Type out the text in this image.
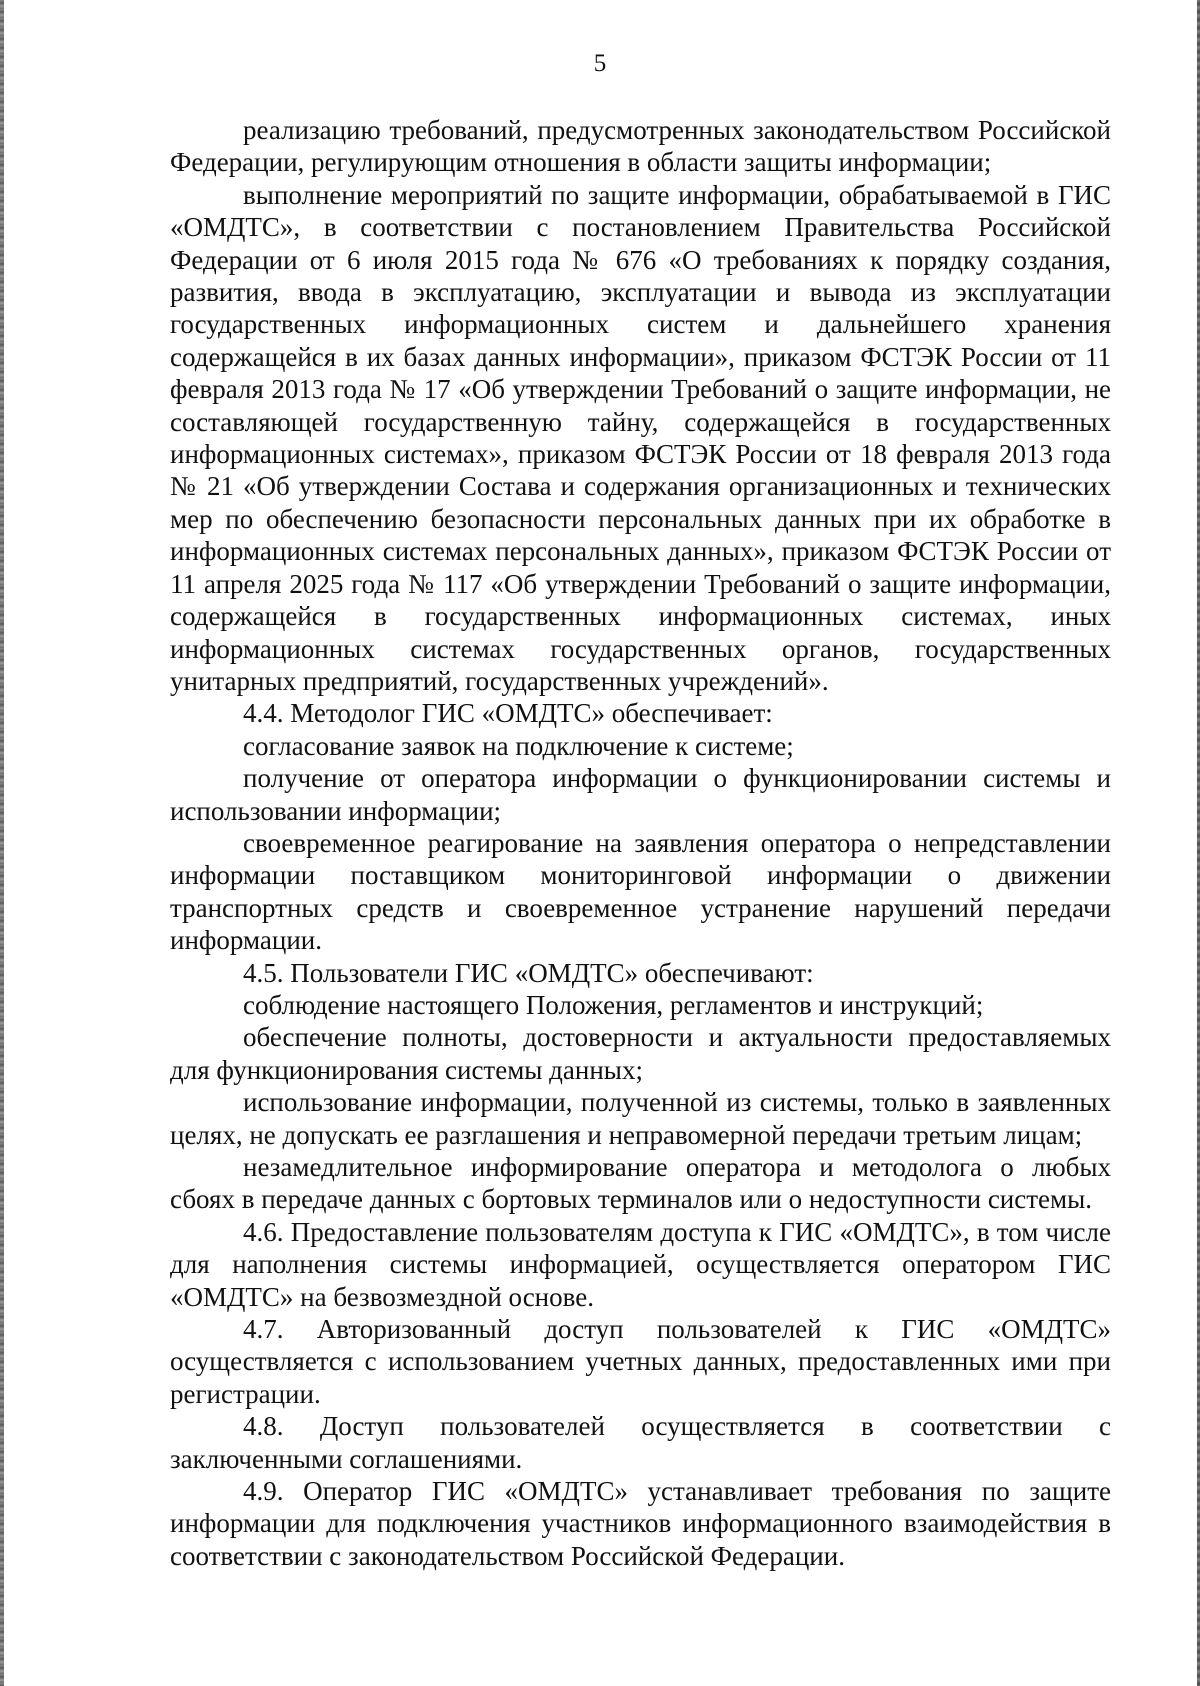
5

реализацию требований, предусмотренных законодательством Российской Федерации, регулирующим отношения в области защиты информации;

выполнение мероприятий по защите информации, обрабатываемой в ГИС «ОМДТС», в соответствии с постановлением Правительства Российской Федерации от 6 июля 2015 года № 676 «О требованиях к порядку создания, развития, ввода в эксплуатацию, эксплуатации и вывода из эксплуатации государственных информационных систем и дальнейшего хранения содержащейся в их базах данных информации», приказом ФСТЭК России от 11 февраля 2013 года № 17 «Об утверждении Требований о защите информации, не составляющей государственную тайну, содержащейся в государственных информационных системах», приказом ФСТЭК России от 18 февраля 2013 года № 21 «Об утверждении Состава и содержания организационных и технических мер по обеспечению безопасности персональных данных при их обработке в информационных системах персональных данных», приказом ФСТЭК России от 11 апреля 2025 года № 117 «Об утверждении Требований о защите информации, содержащейся в государственных информационных системах, иных информационных системах государственных органов, государственных унитарных предприятий, государственных учреждений».

4.4. Методолог ГИС «ОМДТС» обеспечивает:

согласование заявок на подключение к системе;

получение от оператора информации о функционировании системы и использовании информации;

своевременное реагирование на заявления оператора о непредставлении информации поставщиком мониторинговой информации о движении транспортных средств и своевременное устранение нарушений передачи информации.

4.5. Пользователи ГИС «ОМДТС» обеспечивают:

соблюдение настоящего Положения, регламентов и инструкций;

обеспечение полноты, достоверности и актуальности предоставляемых для функционирования системы данных;

использование информации, полученной из системы, только в заявленных целях, не допускать ее разглашения и неправомерной передачи третьим лицам;

незамедлительное информирование оператора и методолога о любых сбоях в передаче данных с бортовых терминалов или о недоступности системы.

4.6. Предоставление пользователям доступа к ГИС «ОМДТС», в том числе для наполнения системы информацией, осуществляется оператором ГИС «ОМДТС» на безвозмездной основе.

4.7. Авторизованный доступ пользователей к ГИС «ОМДТС» осуществляется с использованием учетных данных, предоставленных ими при регистрации.

4.8. Доступ пользователей осуществляется в соответствии с заключенными соглашениями.

4.9. Оператор ГИС «ОМДТС» устанавливает требования по защите информации для подключения участников информационного взаимодействия в соответствии с законодательством Российской Федерации.
